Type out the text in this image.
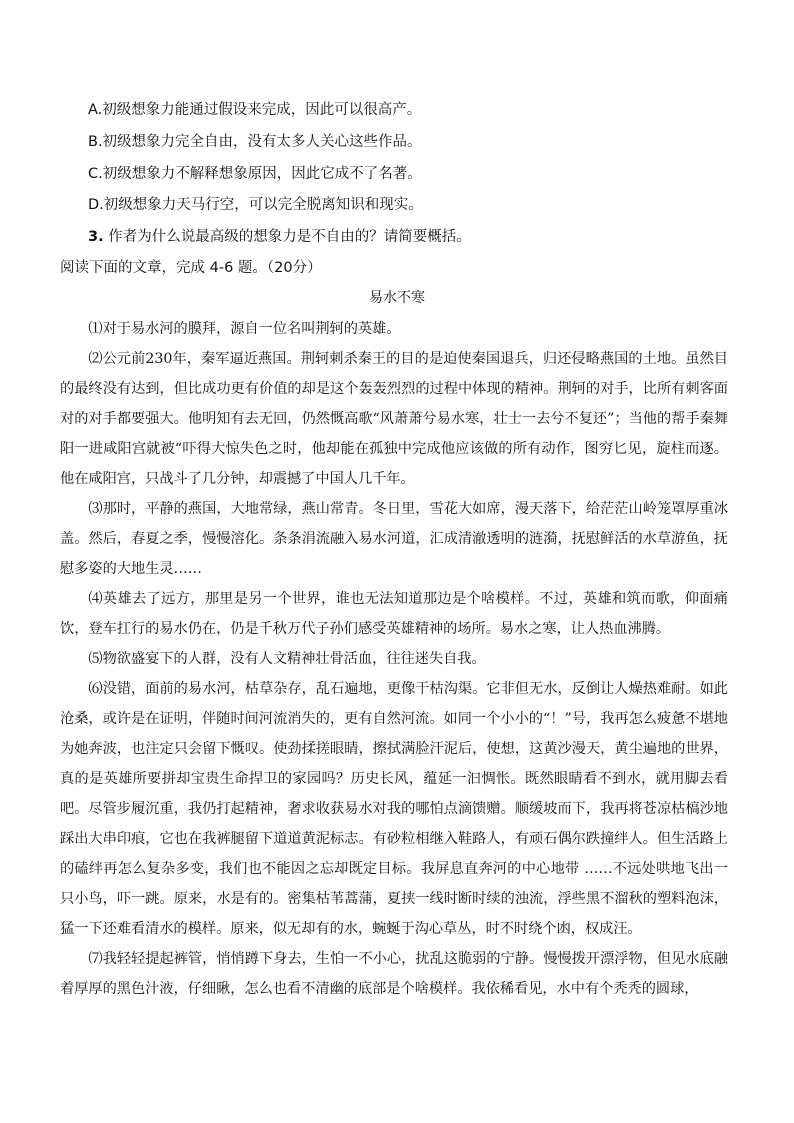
A.初级想象力能通过假设来完成，因此可以很高产。
B.初级想象力完全自由，没有太多人关心这些作品。
C.初级想象力不解释想象原因，因此它成不了名著。
D.初级想象力天马行空，可以完全脱离知识和现实。
3. 作者为什么说最高级的想象力是不自由的？请简要概括。
阅读下面的文章，完成 4-6 题。（20分）
易水不寒

⑴对于易水河的膜拜，源自一位名叫荆轲的英雄。

⑵公元前230年，秦军逼近燕国。荆轲刺杀秦王的目的是迫使秦国退兵，归还侵略燕国的土地。虽然目的最终没有达到，但比成功更有价值的却是这个轰轰烈烈的过程中体现的精神。荆轲的对手，比所有刺客面对的对手都要强大。他明知有去无回，仍然慨高歌“风萧萧兮易水寒，壮士一去兮不复还”；当他的帮手秦舞阳一进咸阳宫就被“吓得大惊失色之时，他却能在孤独中完成他应该做的所有动作，图穷匕见，旋柱而逐。他在咸阳宫，只战斗了几分钟，却震撼了中国人几千年。

⑶那时，平静的燕国，大地常绿，燕山常青。冬日里，雪花大如席，漫天落下，给茫茫山岭笼罩厚重冰盖。然后，春夏之季，慢慢溶化。条条涓流融入易水河道，汇成清澈透明的涟漪，抚慰鲜活的水草游鱼，抚慰多姿的大地生灵……

⑷英雄去了远方，那里是另一个世界，谁也无法知道那边是个啥模样。不过，英雄和筑而歌，仰面痛饮，登车扛行的易水仍在，仍是千秋万代子孙们感受英雄精神的场所。易水之寒，让人热血沸腾。

⑸物欲盛宴下的人群，没有人文精神壮骨活血，往往迷失自我。

⑹没错，面前的易水河，枯草杂存，乱石遍地，更像干枯沟渠。它非但无水，反倒让人燥热难耐。如此沧桑，或许是在证明，伴随时间河流消失的，更有自然河流。如同一个小小的“！”号，我再怎么疲惫不堪地为她奔波，也注定只会留下慨叹。使劲揉搓眼睛，擦拭满脸汗泥后，使想，这黄沙漫天，黄尘遍地的世界，真的是英雄所要拼却宝贵生命捍卫的家园吗？历史长风，蕴延一汩惆怅。既然眼睛看不到水，就用脚去看吧。尽管步履沉重，我仍打起精神，奢求收获易水对我的哪怕点滴馈赠。顺缓坡而下，我再将苍凉枯槁沙地踩出大串印痕，它也在我裤腿留下道道黄泥标志。有砂粒相继入鞋路人，有顽石偶尔跌撞绊人。但生活路上的磕绊再怎么复杂多变，我们也不能因之忘却既定目标。我屏息直奔河的中心地带 ……不远处哄地飞出一只小鸟，吓一跳。原来，水是有的。密集枯苇蒿蒲，夏挟一线时断时续的浊流，浮些黑不溜秋的塑料泡沫，猛一下还难看清水的模样。原来，似无却有的水，蜿蜒于沟心草丛，时不时绕个凼，权成汪。

⑺我轻轻提起裤管，悄悄蹲下身去，生怕一不小心，扰乱这脆弱的宁静。慢慢拨开漂浮物，但见水底融着厚厚的黑色汁液，仔细瞅，怎么也看不清幽的底部是个啥模样。我依稀看见，水中有个秃秃的圆球，
